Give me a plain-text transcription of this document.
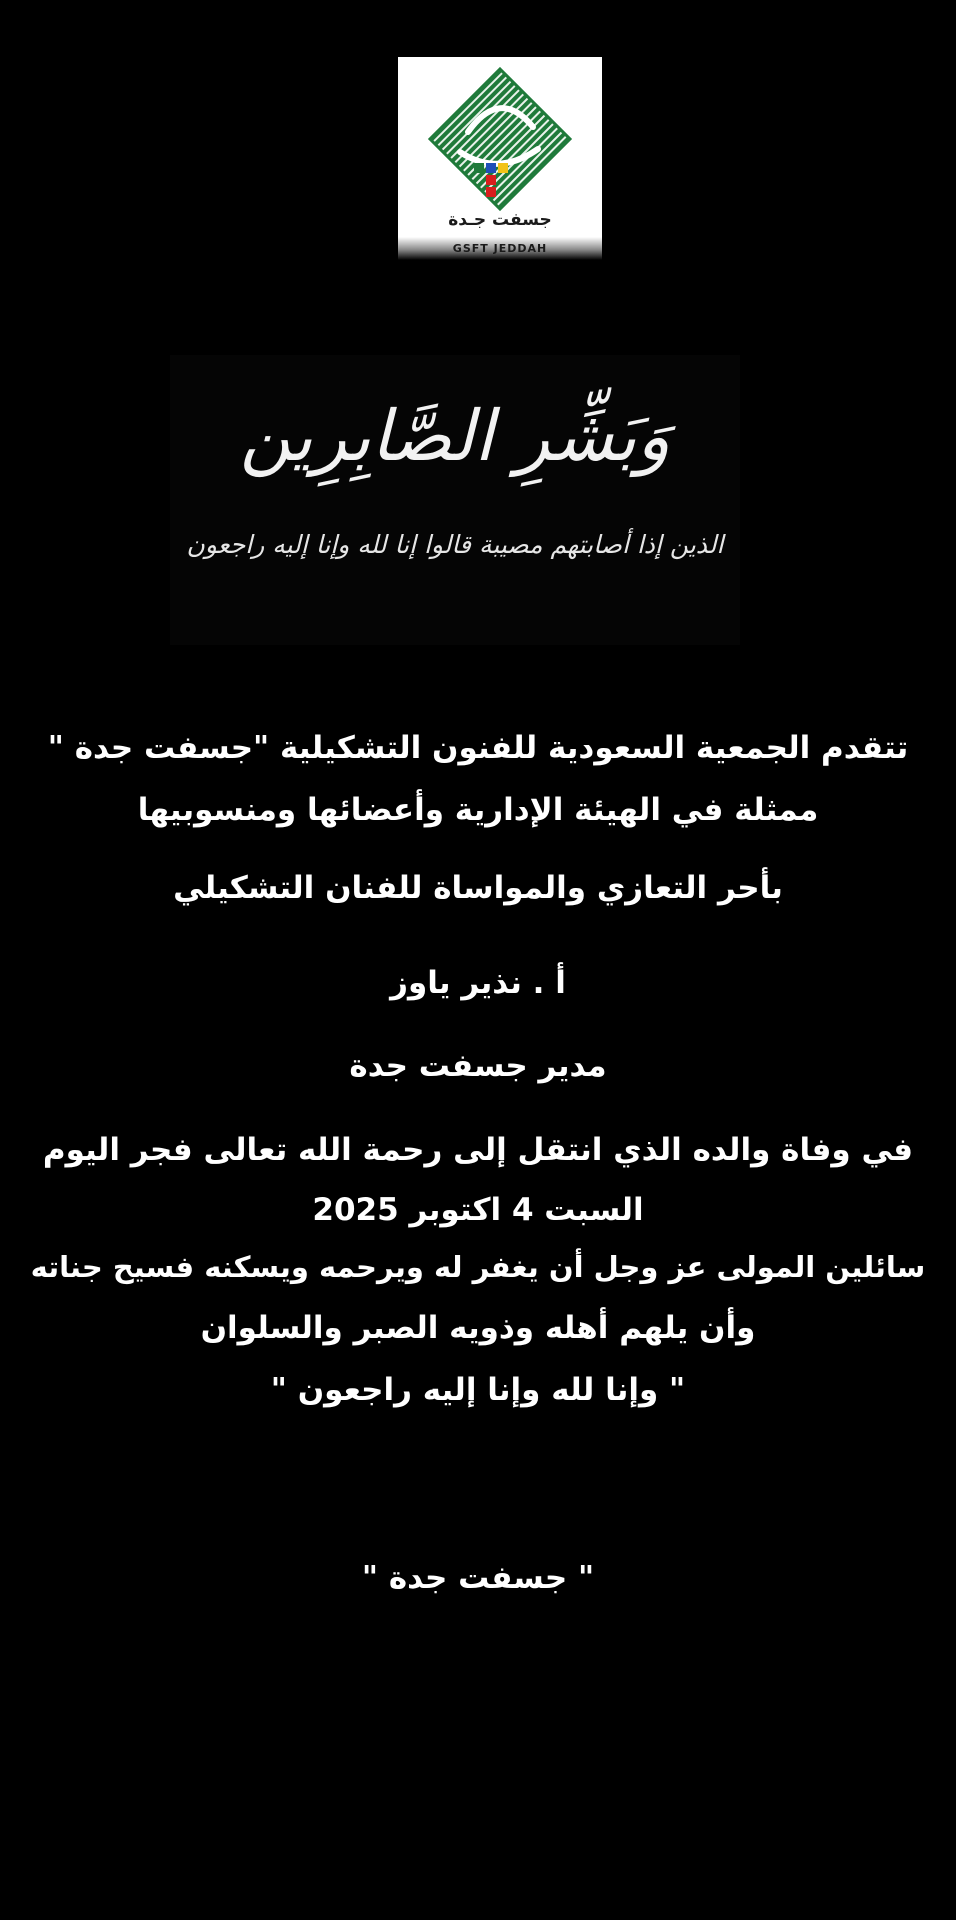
جسفت جـدة
GSFT JEDDAH
وَبَشِّرِ الصَّابِرِين
الذين إذا أصابتهم مصيبة قالوا إنا لله وإنا إليه راجعون
تتقدم الجمعية السعودية للفنون التشكيلية "جسفت جدة "
ممثلة في الهيئة الإدارية وأعضائها ومنسوبيها
بأحر التعازي والمواساة للفنان التشكيلي
أ . نذير ياوز
مدير جسفت جدة
في وفاة والده الذي انتقل إلى رحمة الله تعالى فجر اليوم
السبت 4 اكتوبر 2025
سائلين المولى عز وجل أن يغفر له ويرحمه ويسكنه فسيح جناته
وأن يلهم أهله وذويه الصبر والسلوان
" وإنا لله وإنا إليه راجعون "
" جسفت جدة "
